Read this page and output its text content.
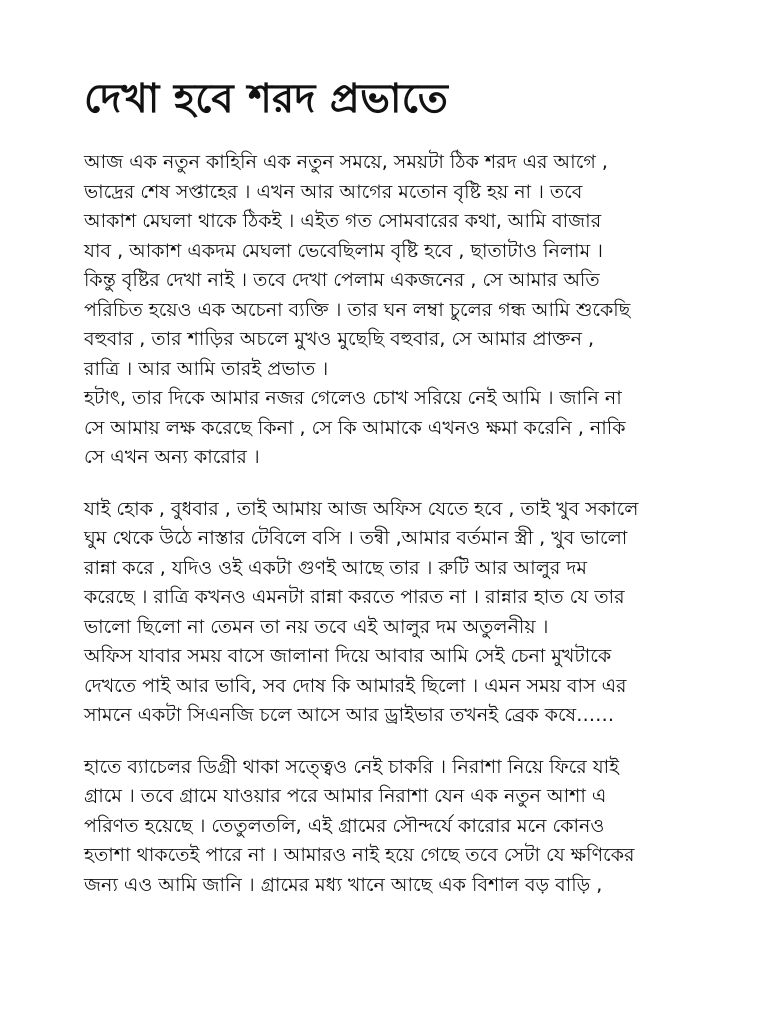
দেখা হবে শরদ প্রভাতে
আজ এক নতুন কাহিনি এক নতুন সময়ে, সময়টা ঠিক শরদ এর আগে ,
ভাদ্রের শেষ সপ্তাহের । এখন আর আগের মতোন বৃষ্টি হয় না । তবে
আকাশ মেঘলা থাকে ঠিকই । এইত গত সোমবারের কথা, আমি বাজার
যাব , আকাশ একদম মেঘলা ভেবেছিলাম বৃষ্টি হবে , ছাতাটাও নিলাম ।
কিন্তু বৃষ্টির দেখা নাই । তবে দেখা পেলাম একজনের , সে আমার অতি
পরিচিত হয়েও এক অচেনা ব্যক্তি । তার ঘন লম্বা চুলের গন্ধ আমি শুকেছি
বহুবার , তার শাড়ির অচলে মুখও মুছেছি বহুবার, সে আমার প্রাক্তন ,
রাত্রি । আর আমি তারই প্রভাত ।
হটাৎ, তার দিকে আমার নজর গেলেও চোখ সরিয়ে নেই আমি । জানি না
সে আমায় লক্ষ করেছে কিনা , সে কি আমাকে এখনও ক্ষমা করেনি , নাকি
সে এখন অন্য কারোর ।
যাই হোক , বুধবার , তাই আমায় আজ অফিস যেতে হবে , তাই খুব সকালে
ঘুম থেকে উঠে নাস্তার টেবিলে বসি । তন্বী ,আমার বর্তমান স্ত্রী , খুব ভালো
রান্না করে , যদিও ওই একটা গুণই আছে তার । রুটি আর আলুর দম
করেছে । রাত্রি কখনও এমনটা রান্না করতে পারত না । রান্নার হাত যে তার
ভালো ছিলো না তেমন তা নয় তবে এই আলুর দম অতুলনীয় ।
অফিস যাবার সময় বাসে জালানা দিয়ে আবার আমি সেই চেনা মুখটাকে
দেখতে পাই আর ভাবি, সব দোষ কি আমারই ছিলো । এমন সময় বাস এর
সামনে একটা সিএনজি চলে আসে আর ড্রাইভার তখনই ব্রেক কষে……
হাতে ব্যাচেলর ডিগ্রী থাকা সত্ত্বেও নেই চাকরি । নিরাশা নিয়ে ফিরে যাই
গ্রামে । তবে গ্রামে যাওয়ার পরে আমার নিরাশা যেন এক নতুন আশা এ
পরিণত হয়েছে । তেতুলতলি, এই গ্রামের সৌন্দর্যে কারোর মনে কোনও
হতাশা থাকতেই পারে না । আমারও নাই হয়ে গেছে তবে সেটা যে ক্ষণিকের
জন্য এও আমি জানি । গ্রামের মধ্য খানে আছে এক বিশাল বড় বাড়ি ,
